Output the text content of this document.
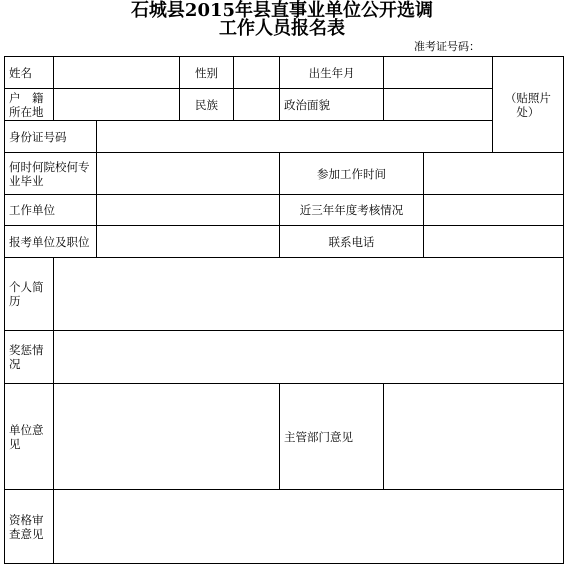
石城县2015年县直事业单位公开选调
工作人员报名表
准考证号码：
姓名			性别		出生年月			（贴照片处）
户　籍所在地			民族		政治面貌			
身份证号码								
何时何院校何专业毕业					参加工作时间			
工作单位					近三年年度考核情况			
报考单位及职位					联系电话			
个人简历								
奖惩情况								
单位意见					主管部门意见			
资格审查意见								
